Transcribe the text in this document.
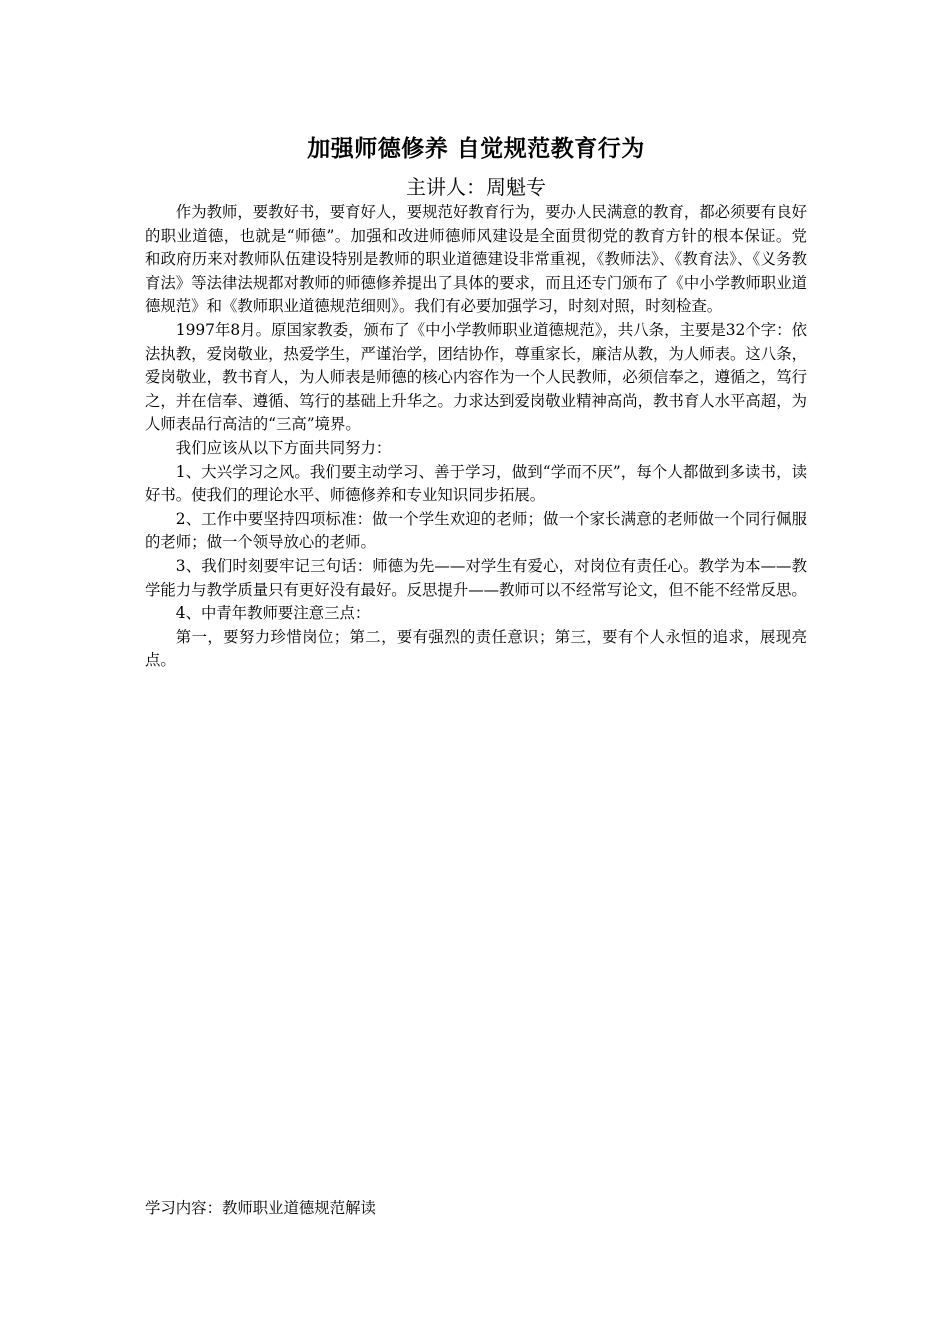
加强师德修养 自觉规范教育行为
主讲人：周魁专

作为教师，要教好书，要育好人，要规范好教育行为，要办人民满意的教育，都必须要有良好的职业道德，也就是“师德”。加强和改进师德师风建设是全面贯彻党的教育方针的根本保证。党和政府历来对教师队伍建设特别是教师的职业道德建设非常重视，《教师法》、《教育法》、《义务教育法》等法律法规都对教师的师德修养提出了具体的要求，而且还专门颁布了《中小学教师职业道德规范》和《教师职业道德规范细则》。我们有必要加强学习，时刻对照，时刻检查。

1997年8月。原国家教委，颁布了《中小学教师职业道德规范》，共八条，主要是32个字：依法执教，爱岗敬业，热爱学生，严谨治学，团结协作，尊重家长，廉洁从教，为人师表。这八条，爱岗敬业，教书育人，为人师表是师德的核心内容作为一个人民教师，必须信奉之，遵循之，笃行之，并在信奉、遵循、笃行的基础上升华之。力求达到爱岗敬业精神高尚，教书育人水平高超，为人师表品行高洁的“三高”境界。

我们应该从以下方面共同努力：

1、大兴学习之风。我们要主动学习、善于学习，做到“学而不厌”，每个人都做到多读书，读好书。使我们的理论水平、师德修养和专业知识同步拓展。

2、工作中要坚持四项标准：做一个学生欢迎的老师；做一个家长满意的老师做一个同行佩服的老师；做一个领导放心的老师。

3、我们时刻要牢记三句话：师德为先——对学生有爱心，对岗位有责任心。教学为本——教学能力与教学质量只有更好没有最好。反思提升——教师可以不经常写论文，但不能不经常反思。

4、中青年教师要注意三点：

第一，要努力珍惜岗位；第二，要有强烈的责任意识；第三，要有个人永恒的追求，展现亮点。

学习内容：教师职业道德规范解读
